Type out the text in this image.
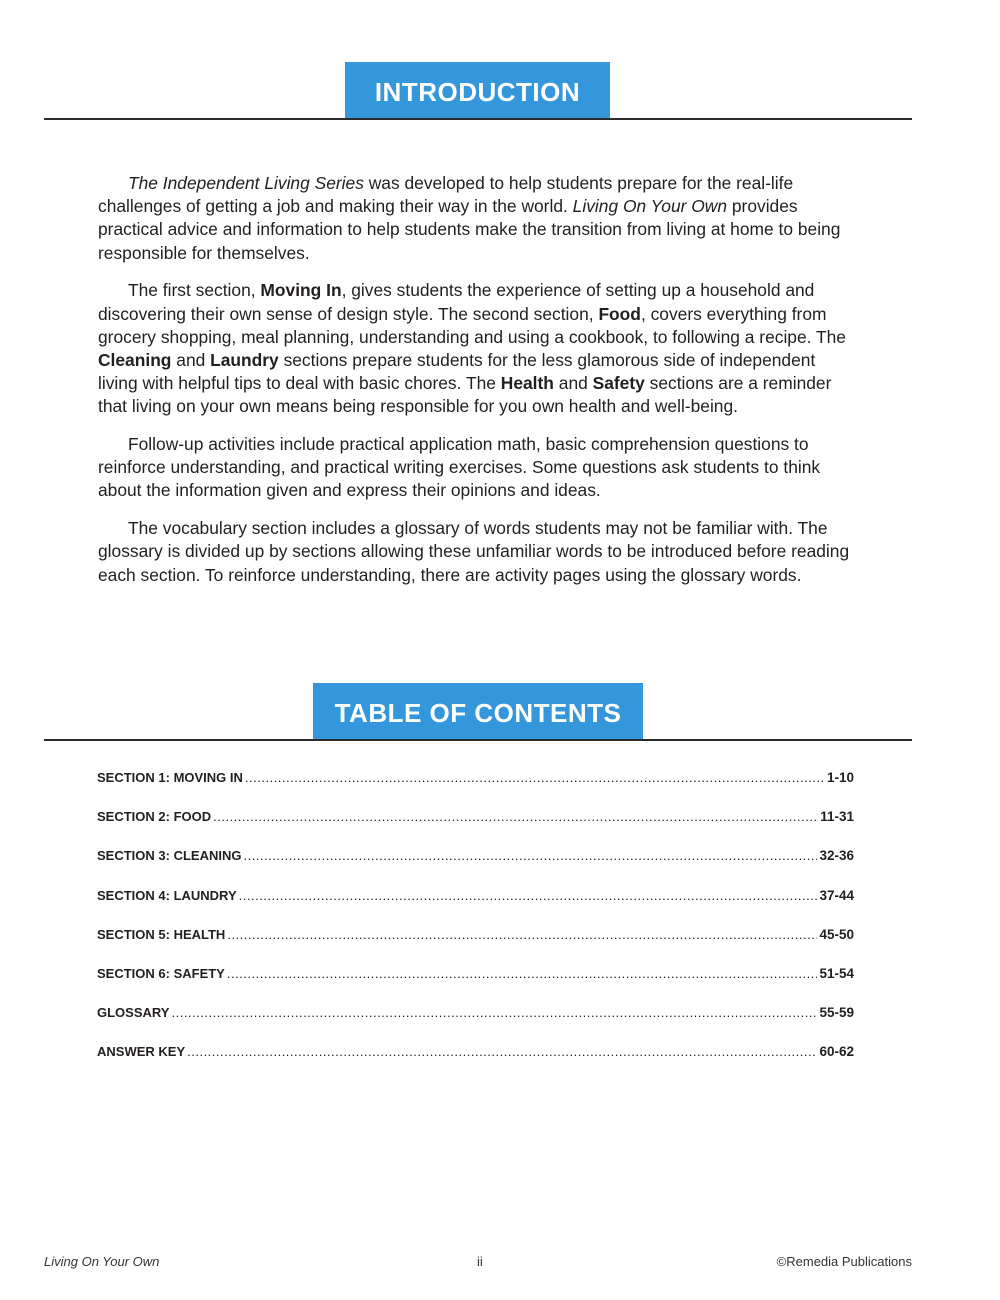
INTRODUCTION

The Independent Living Series was developed to help students prepare for the real-life challenges of getting a job and making their way in the world. Living On Your Own provides practical advice and information to help students make the transition from living at home to being responsible for themselves.

The first section, Moving In, gives students the experience of setting up a household and discovering their own sense of design style. The second section, Food, covers everything from grocery shopping, meal planning, understanding and using a cookbook, to following a recipe. The Cleaning and Laundry sections prepare students for the less glamorous side of independent living with helpful tips to deal with basic chores. The Health and Safety sections are a reminder that living on your own means being responsible for you own health and well-being.

Follow-up activities include practical application math, basic comprehension questions to reinforce understanding, and practical writing exercises. Some questions ask students to think about the information given and express their opinions and ideas.

The vocabulary section includes a glossary of words students may not be familiar with. The glossary is divided up by sections allowing these unfamiliar words to be introduced before reading each section. To reinforce understanding, there are activity pages using the glossary words.

TABLE OF CONTENTS
SECTION 1: MOVING IN .....	1-10
SECTION 2: FOOD .....	11-31
SECTION 3: CLEANING .....	32-36
SECTION 4: LAUNDRY .....	37-44
SECTION 5: HEALTH .....	45-50
SECTION 6: SAFETY .....	51-54
GLOSSARY .....	55-59
ANSWER KEY .....	60-62
Living On Your Own	ii	©Remedia Publications
